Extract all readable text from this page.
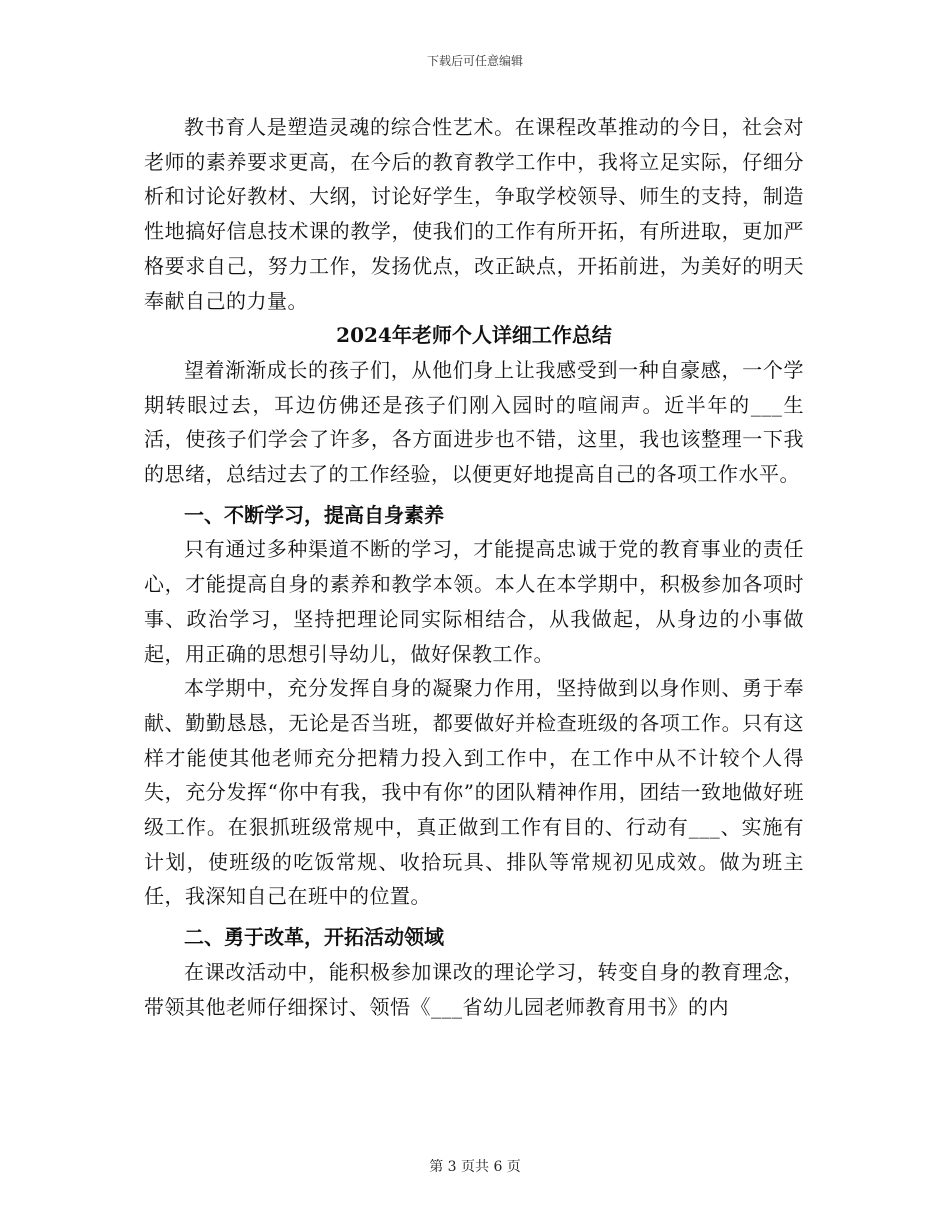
下载后可任意编辑

教书育人是塑造灵魂的综合性艺术。在课程改革推动的今日，社会对老师的素养要求更高，在今后的教育教学工作中，我将立足实际，仔细分析和讨论好教材、大纲，讨论好学生，争取学校领导、师生的支持，制造性地搞好信息技术课的教学，使我们的工作有所开拓，有所进取，更加严格要求自己，努力工作，发扬优点，改正缺点，开拓前进，为美好的明天奉献自己的力量。

2024年老师个人详细工作总结

望着渐渐成长的孩子们，从他们身上让我感受到一种自豪感，一个学期转眼过去，耳边仿佛还是孩子们刚入园时的喧闹声。近半年的___生活，使孩子们学会了许多，各方面进步也不错，这里，我也该整理一下我的思绪，总结过去了的工作经验，以便更好地提高自己的各项工作水平。

一、不断学习，提高自身素养

只有通过多种渠道不断的学习，才能提高忠诚于党的教育事业的责任心，才能提高自身的素养和教学本领。本人在本学期中，积极参加各项时事、政治学习，坚持把理论同实际相结合，从我做起，从身边的小事做起，用正确的思想引导幼儿，做好保教工作。

本学期中，充分发挥自身的凝聚力作用，坚持做到以身作则、勇于奉献、勤勤恳恳，无论是否当班，都要做好并检查班级的各项工作。只有这样才能使其他老师充分把精力投入到工作中，在工作中从不计较个人得失，充分发挥“你中有我，我中有你”的团队精神作用，团结一致地做好班级工作。在狠抓班级常规中，真正做到工作有目的、行动有___、实施有计划，使班级的吃饭常规、收拾玩具、排队等常规初见成效。做为班主任，我深知自己在班中的位置。

二、勇于改革，开拓活动领域

在课改活动中，能积极参加课改的理论学习，转变自身的教育理念，带领其他老师仔细探讨、领悟《___省幼儿园老师教育用书》的内

第 3 页共 6 页
